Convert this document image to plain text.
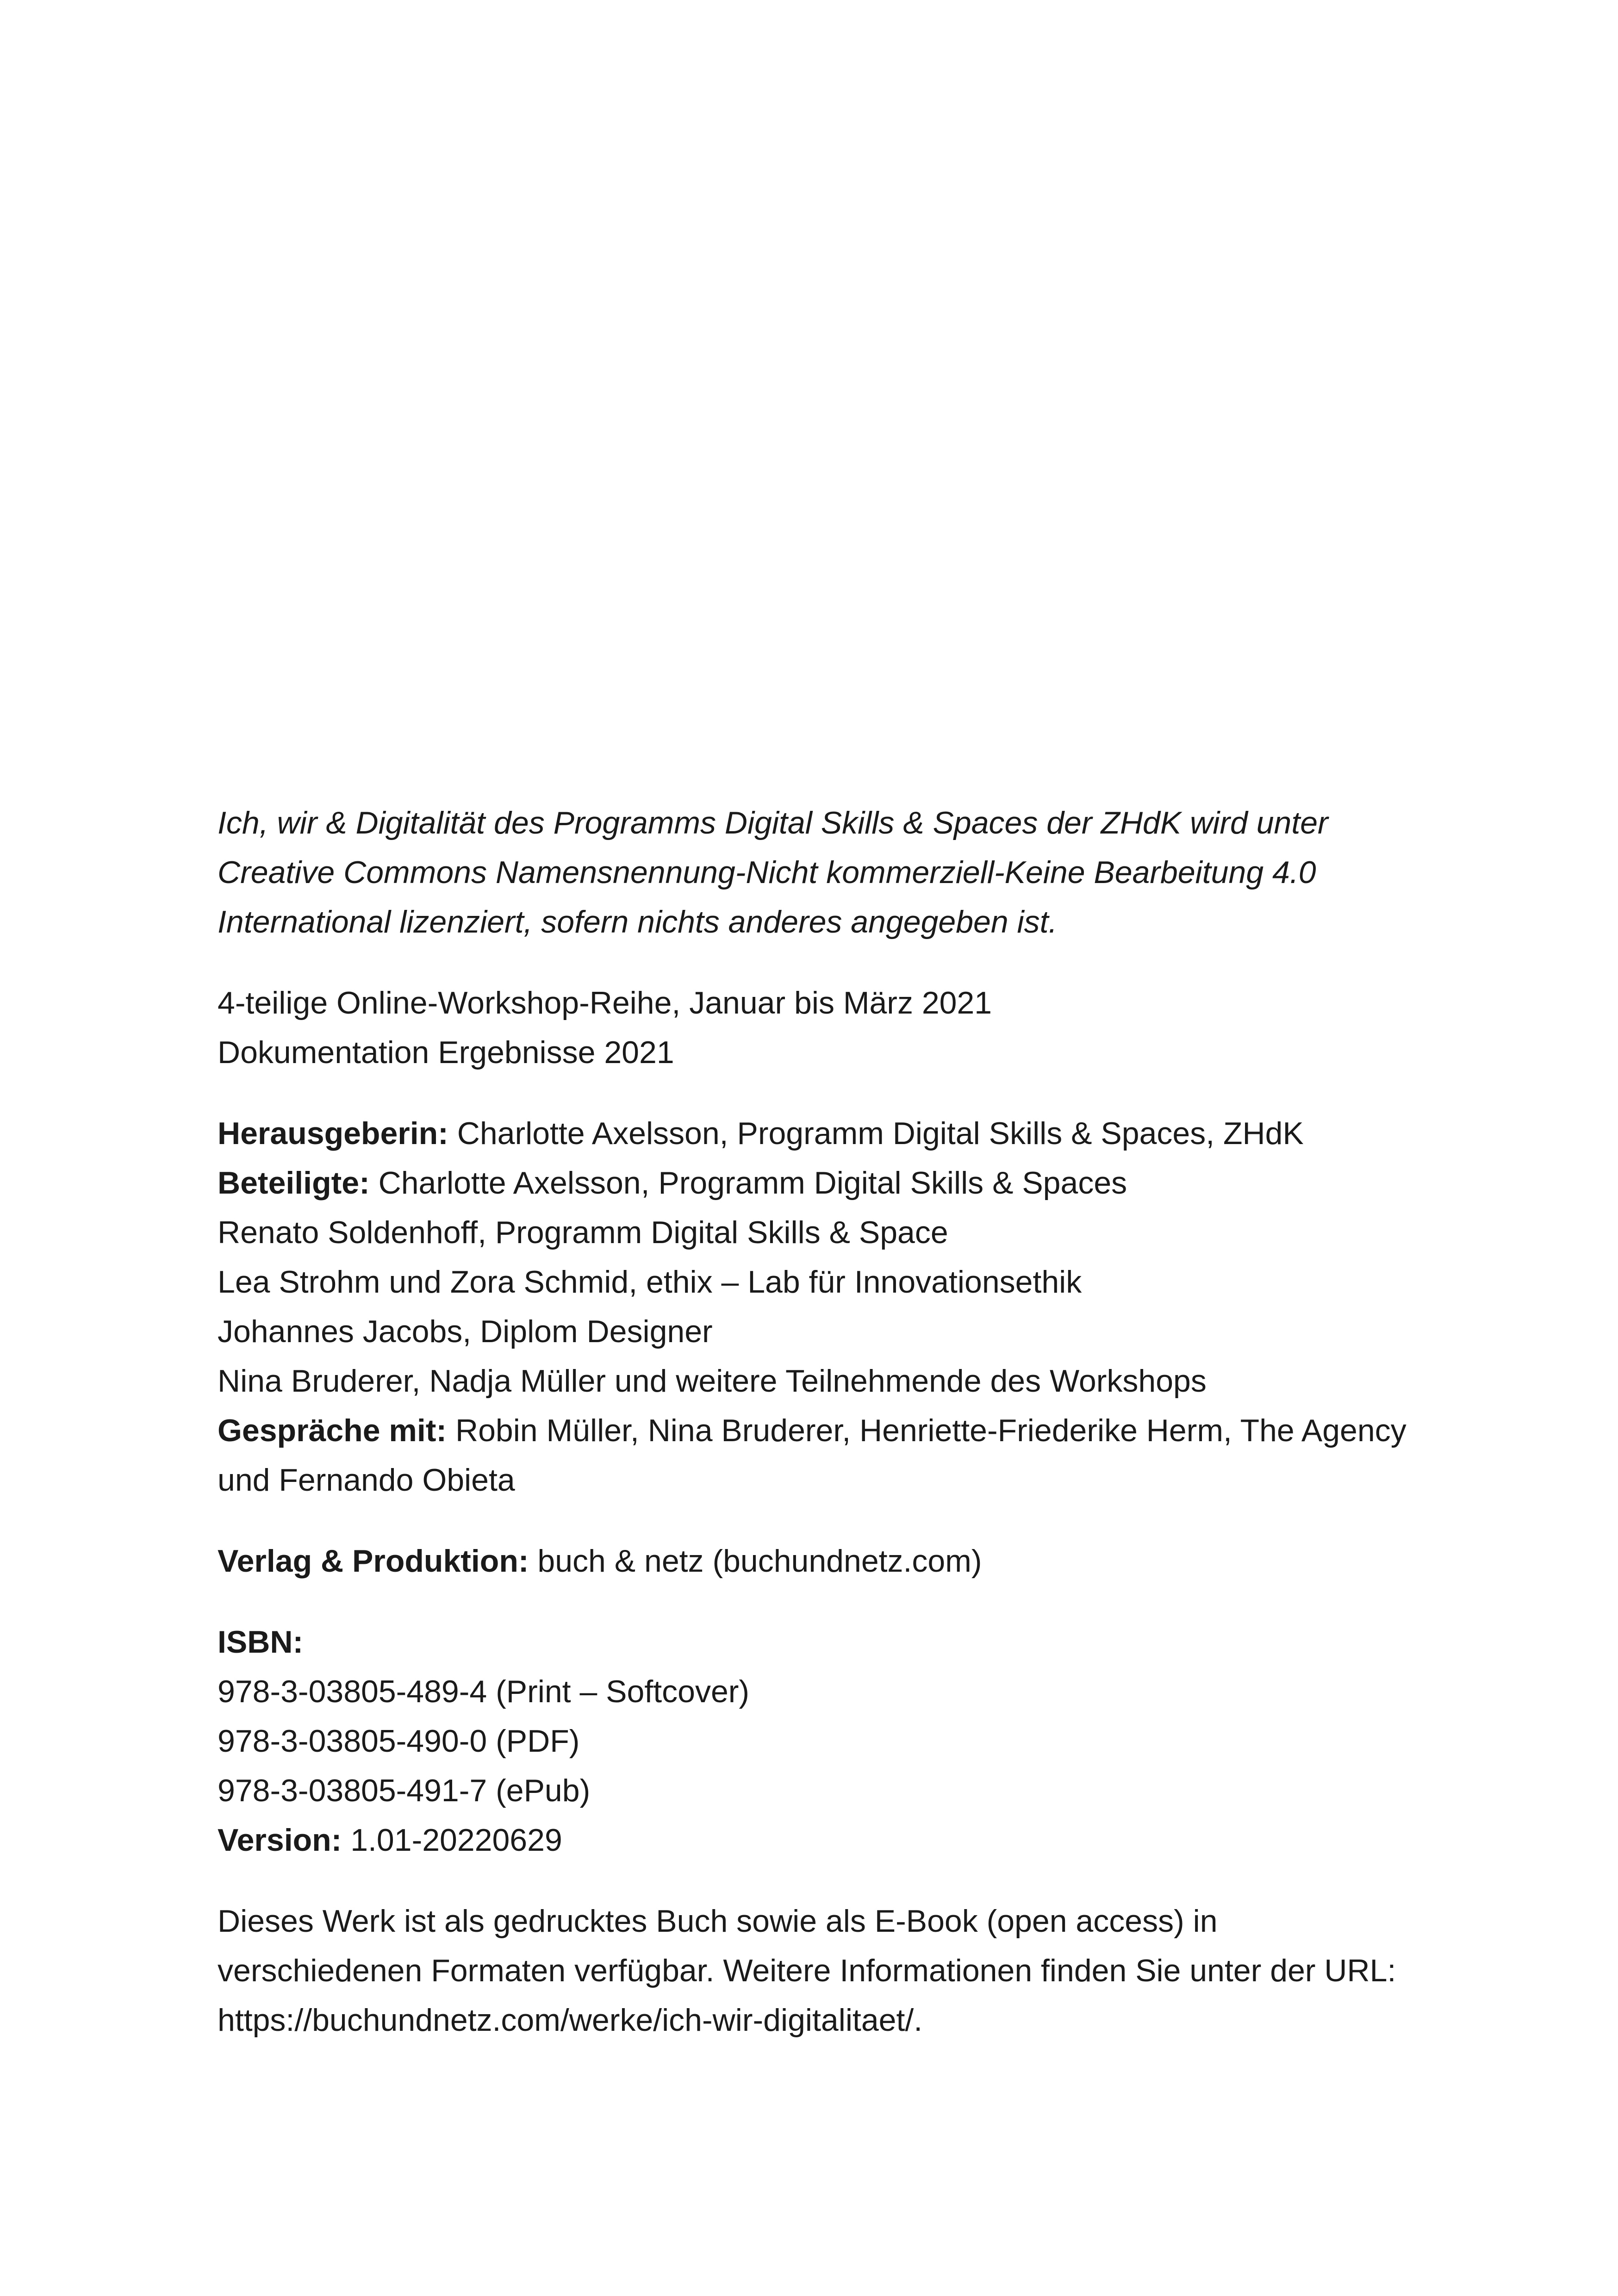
Ich, wir & Digitalität des Programms Digital Skills & Spaces der ZHdK wird unter
Creative Commons Namensnennung-Nicht kommerziell-Keine Bearbeitung 4.0
International lizenziert, sofern nichts anderes angegeben ist.

4-teilige Online-Workshop-Reihe, Januar bis März 2021
Dokumentation Ergebnisse 2021

Herausgeberin: Charlotte Axelsson, Programm Digital Skills & Spaces, ZHdK
Beteiligte: Charlotte Axelsson, Programm Digital Skills & Spaces
Renato Soldenhoff, Programm Digital Skills & Space
Lea Strohm und Zora Schmid, ethix – Lab für Innovationsethik
Johannes Jacobs, Diplom Designer
Nina Bruderer, Nadja Müller und weitere Teilnehmende des Workshops
Gespräche mit: Robin Müller, Nina Bruderer, Henriette-Friederike Herm, The Agency
und Fernando Obieta

Verlag & Produktion: buch & netz (buchundnetz.com)

ISBN:
978-3-03805-489-4 (Print – Softcover)
978-3-03805-490-0 (PDF)
978-3-03805-491-7 (ePub)
Version: 1.01-20220629

Dieses Werk ist als gedrucktes Buch sowie als E-Book (open access) in
verschiedenen Formaten verfügbar. Weitere Informationen finden Sie unter der URL:
https://buchundnetz.com/werke/ich-wir-digitalitaet/.
